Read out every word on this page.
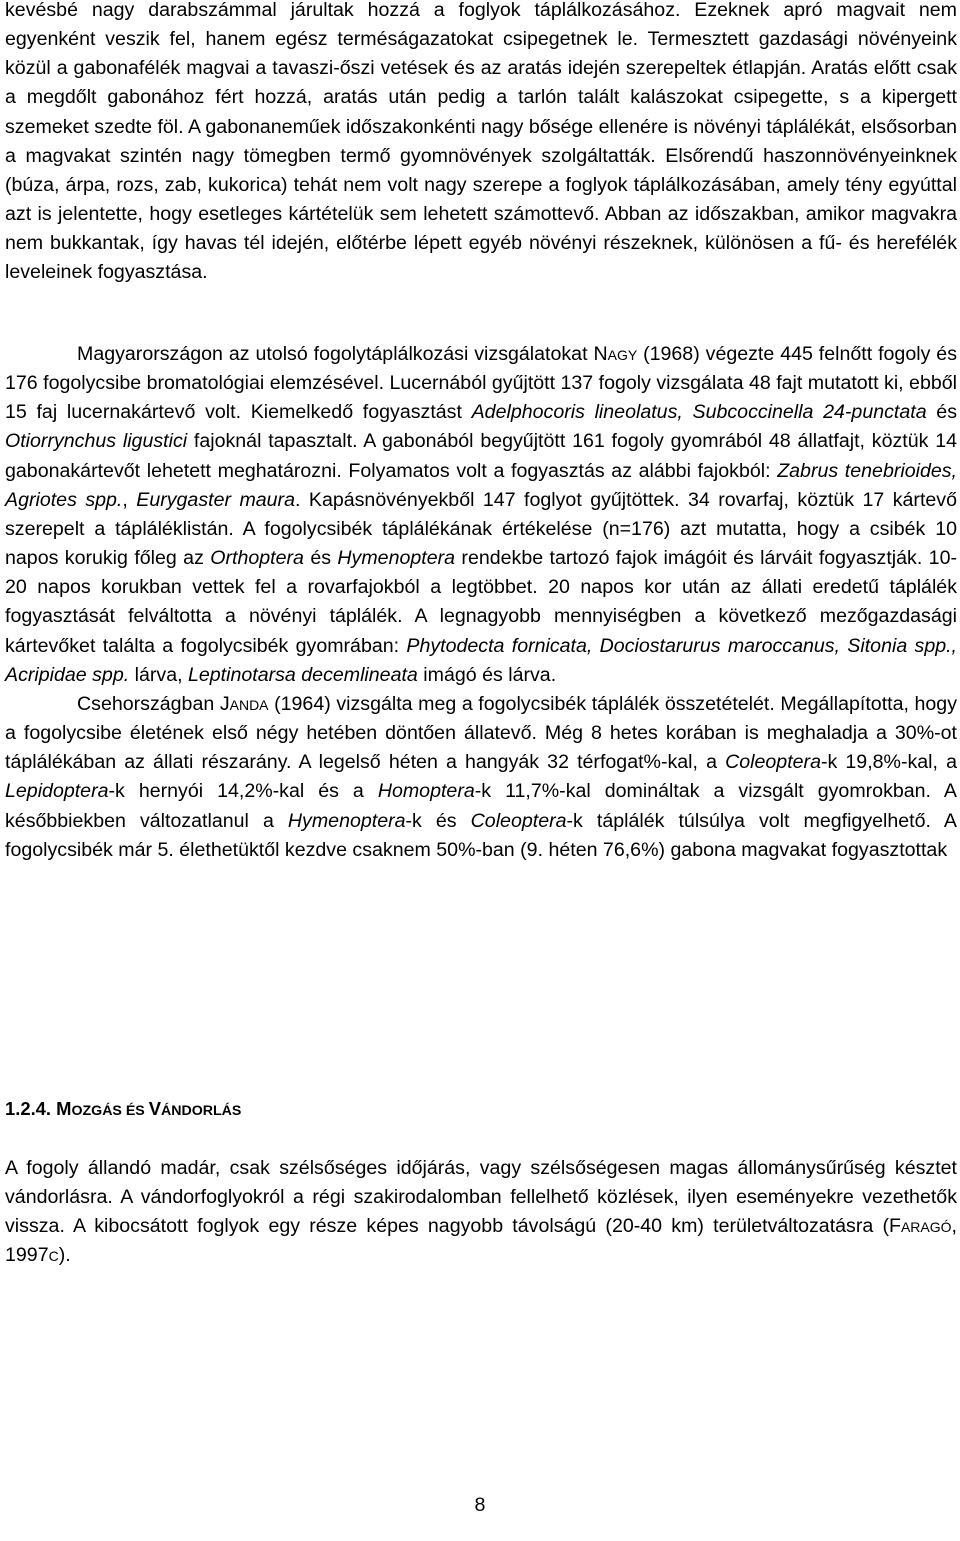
kevésbé nagy darabszámmal járultak hozzá a foglyok táplálkozásához. Ezeknek apró magvait nem egyenként veszik fel, hanem egész terméságazatokat csipegetnek le. Termesztett gazdasági növényeink közül a gabonafélék magvai a tavaszi-őszi vetések és az aratás idején szerepeltek étlapján. Aratás előtt csak a megdőlt gabonához fért hozzá, aratás után pedig a tarlón talált kalászokat csipegette, s a kipergett szemeket szedte föl. A gabonaneműek időszakonkénti nagy bősége ellenére is növényi táplálékát, elsősorban a magvakat szintén nagy tömegben termő gyomnövények szolgáltatták. Elsőrendű haszonnövényeinknek (búza, árpa, rozs, zab, kukorica) tehát nem volt nagy szerepe a foglyok táplálkozásában, amely tény egyúttal azt is jelentette, hogy esetleges kártételük sem lehetett számottevő. Abban az időszakban, amikor magvakra nem bukkantak, így havas tél idején, előtérbe lépett egyéb növényi részeknek, különösen a fű- és herefélék leveleinek fogyasztása.

Magyarországon az utolsó fogolytáplálkozási vizsgálatokat Nagy (1968) végezte 445 felnőtt fogoly és 176 fogolycsibe bromatológiai elemzésével. Lucernából gyűjtött 137 fogoly vizsgálata 48 fajt mutatott ki, ebből 15 faj lucernakártevő volt. Kiemelkedő fogyasztást Adelphocoris lineolatus, Subcoccinella 24-punctata és Otiorrynchus ligustici fajoknál tapasztalt. A gabonából begyűjtött 161 fogoly gyomrából 48 állatfajt, köztük 14 gabonakártevőt lehetett meghatározni. Folyamatos volt a fogyasztás az alábbi fajokból: Zabrus tenebrioides, Agriotes spp., Eurygaster maura. Kapásnövényekből 147 foglyot gyűjtöttek. 34 rovarfaj, köztük 17 kártevő szerepelt a tápláléklistán. A fogolycsibék táplálékának értékelése (n=176) azt mutatta, hogy a csibék 10 napos korukig főleg az Orthoptera és Hymenoptera rendekbe tartozó fajok imágóit és lárváit fogyasztják. 10-20 napos korukban vettek fel a rovarfajokból a legtöbbet. 20 napos kor után az állati eredetű táplálék fogyasztását felváltotta a növényi táplálék. A legnagyobb mennyiségben a következő mezőgazdasági kártevőket találta a fogolycsibék gyomrában: Phytodecta fornicata, Dociostarurus maroccanus, Sitonia spp., Acripidae spp. lárva, Leptinotarsa decemlineata imágó és lárva.

Csehországban Janda (1964) vizsgálta meg a fogolycsibék táplálék összetételét. Megállapította, hogy a fogolycsibe életének első négy hetében döntően állatevő. Még 8 hetes korában is meghaladja a 30%-ot táplálékában az állati részarány. A legelső héten a hangyák 32 térfogat%-kal, a Coleoptera-k 19,8%-kal, a Lepidoptera-k hernyói 14,2%-kal és a Homoptera-k 11,7%-kal domináltak a vizsgált gyomrokban. A későbbiekben változatlanul a Hymenoptera-k és Coleoptera-k táplálék túlsúlya volt megfigyelhető. A fogolycsibék már 5. élethetüktől kezdve csaknem 50%-ban (9. héten 76,6%) gabona magvakat fogyasztottak

1.2.4. MOZGÁS ÉS VÁNDORLÁS

A fogoly állandó madár, csak szélsőséges időjárás, vagy szélsőségesen magas állománysűrűség késztet vándorlásra. A vándorfoglyokról a régi szakirodalomban fellelhető közlések, ilyen eseményekre vezethetők vissza. A kibocsátott foglyok egy része képes nagyobb távolságú (20-40 km) területváltozatásra (Faragó, 1997c).

8
